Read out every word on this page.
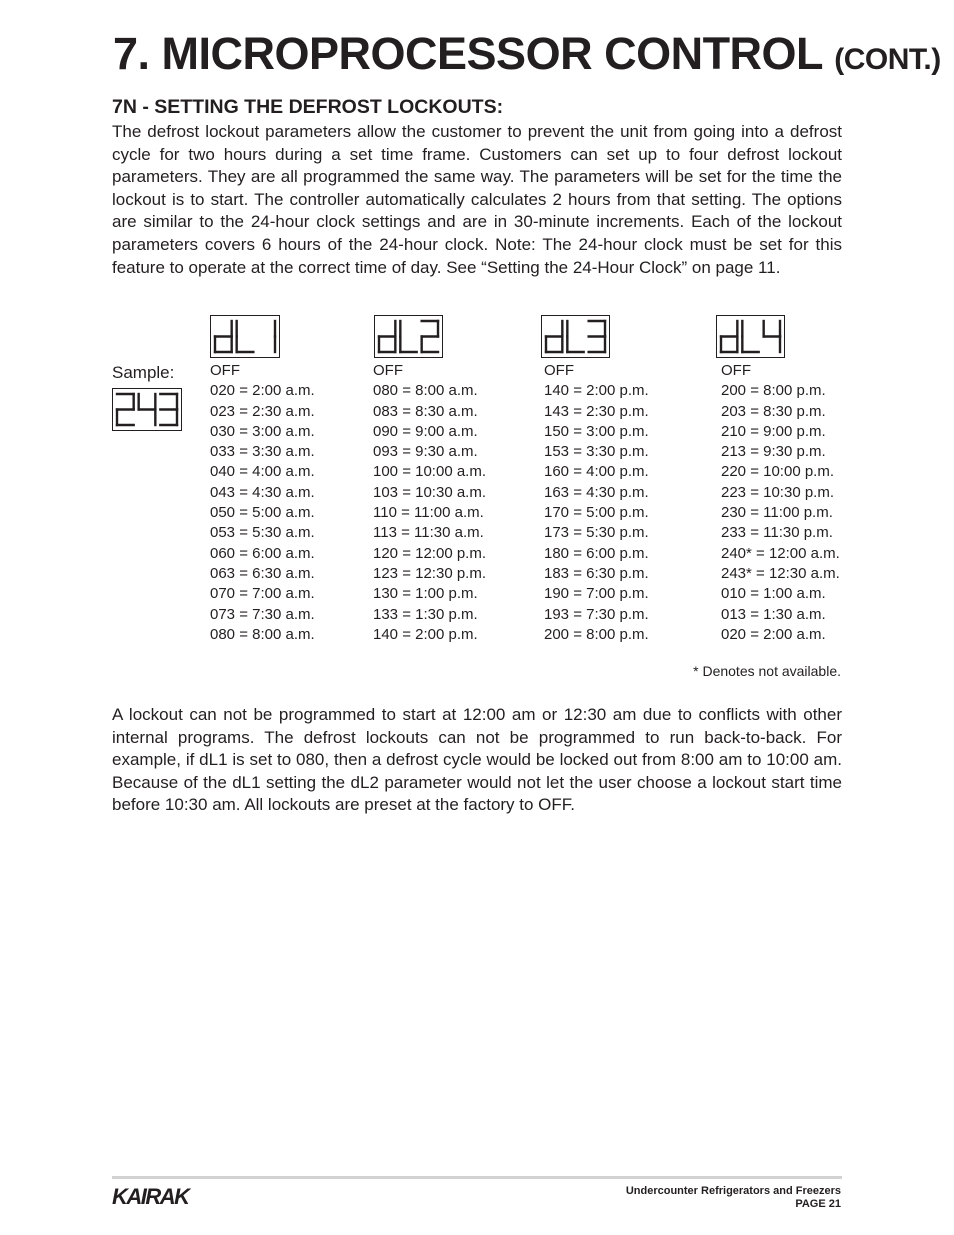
7. MICROPROCESSOR CONTROL (CONT.)
7N - SETTING THE DEFROST LOCKOUTS:

The defrost lockout parameters allow the customer to prevent the unit from going into a defrost cycle for two hours during a set time frame. Customers can set up to four defrost lockout parameters. They are all programmed the same way. The parameters will be set for the time the lockout is to start. The controller automatically calculates 2 hours from that setting. The options are similar to the 24-hour clock settings and are in 30-minute increments. Each of the lockout parameters covers 6 hours of the 24-hour clock. Note: The 24-hour clock must be set for this feature to operate at the correct time of day. See “Setting the 24-Hour Clock” on page 11.

Sample: OFF
020 = 2:00 a.m.
023 = 2:30 a.m.
030 = 3:00 a.m.
033 = 3:30 a.m.
040 = 4:00 a.m.
043 = 4:30 a.m.
050 = 5:00 a.m.
053 = 5:30 a.m.
060 = 6:00 a.m.
063 = 6:30 a.m.
070 = 7:00 a.m.
073 = 7:30 a.m.
080 = 8:00 a.m.
OFF
080 = 8:00 a.m.
083 = 8:30 a.m.
090 = 9:00 a.m.
093 = 9:30 a.m.
100 = 10:00 a.m.
103 = 10:30 a.m.
110 = 11:00 a.m.
113 = 11:30 a.m.
120 = 12:00 p.m.
123 = 12:30 p.m.
130 = 1:00 p.m.
133 = 1:30 p.m.
140 = 2:00 p.m.
OFF
140 = 2:00 p.m.
143 = 2:30 p.m.
150 = 3:00 p.m.
153 = 3:30 p.m.
160 = 4:00 p.m.
163 = 4:30 p.m.
170 = 5:00 p.m.
173 = 5:30 p.m.
180 = 6:00 p.m.
183 = 6:30 p.m.
190 = 7:00 p.m.
193 = 7:30 p.m.
200 = 8:00 p.m.
OFF
200 = 8:00 p.m.
203 = 8:30 p.m.
210 = 9:00 p.m.
213 = 9:30 p.m.
220 = 10:00 p.m.
223 = 10:30 p.m.
230 = 11:00 p.m.
233 = 11:30 p.m.
240* = 12:00 a.m.
243* = 12:30 a.m.
010 = 1:00 a.m.
013 = 1:30 a.m.
020 = 2:00 a.m.
* Denotes not available.

A lockout can not be programmed to start at 12:00 am or 12:30 am due to conflicts with other internal programs. The defrost lockouts can not be programmed to run back-to-back. For example, if dL1 is set to 080, then a defrost cycle would be locked out from 8:00 am to 10:00 am. Because of the dL1 setting the dL2 parameter would not let the user choose a lockout start time before 10:30 am. All lockouts are preset at the factory to OFF.

KAIRAK	Undercounter Refrigerators and Freezers
PAGE 21
